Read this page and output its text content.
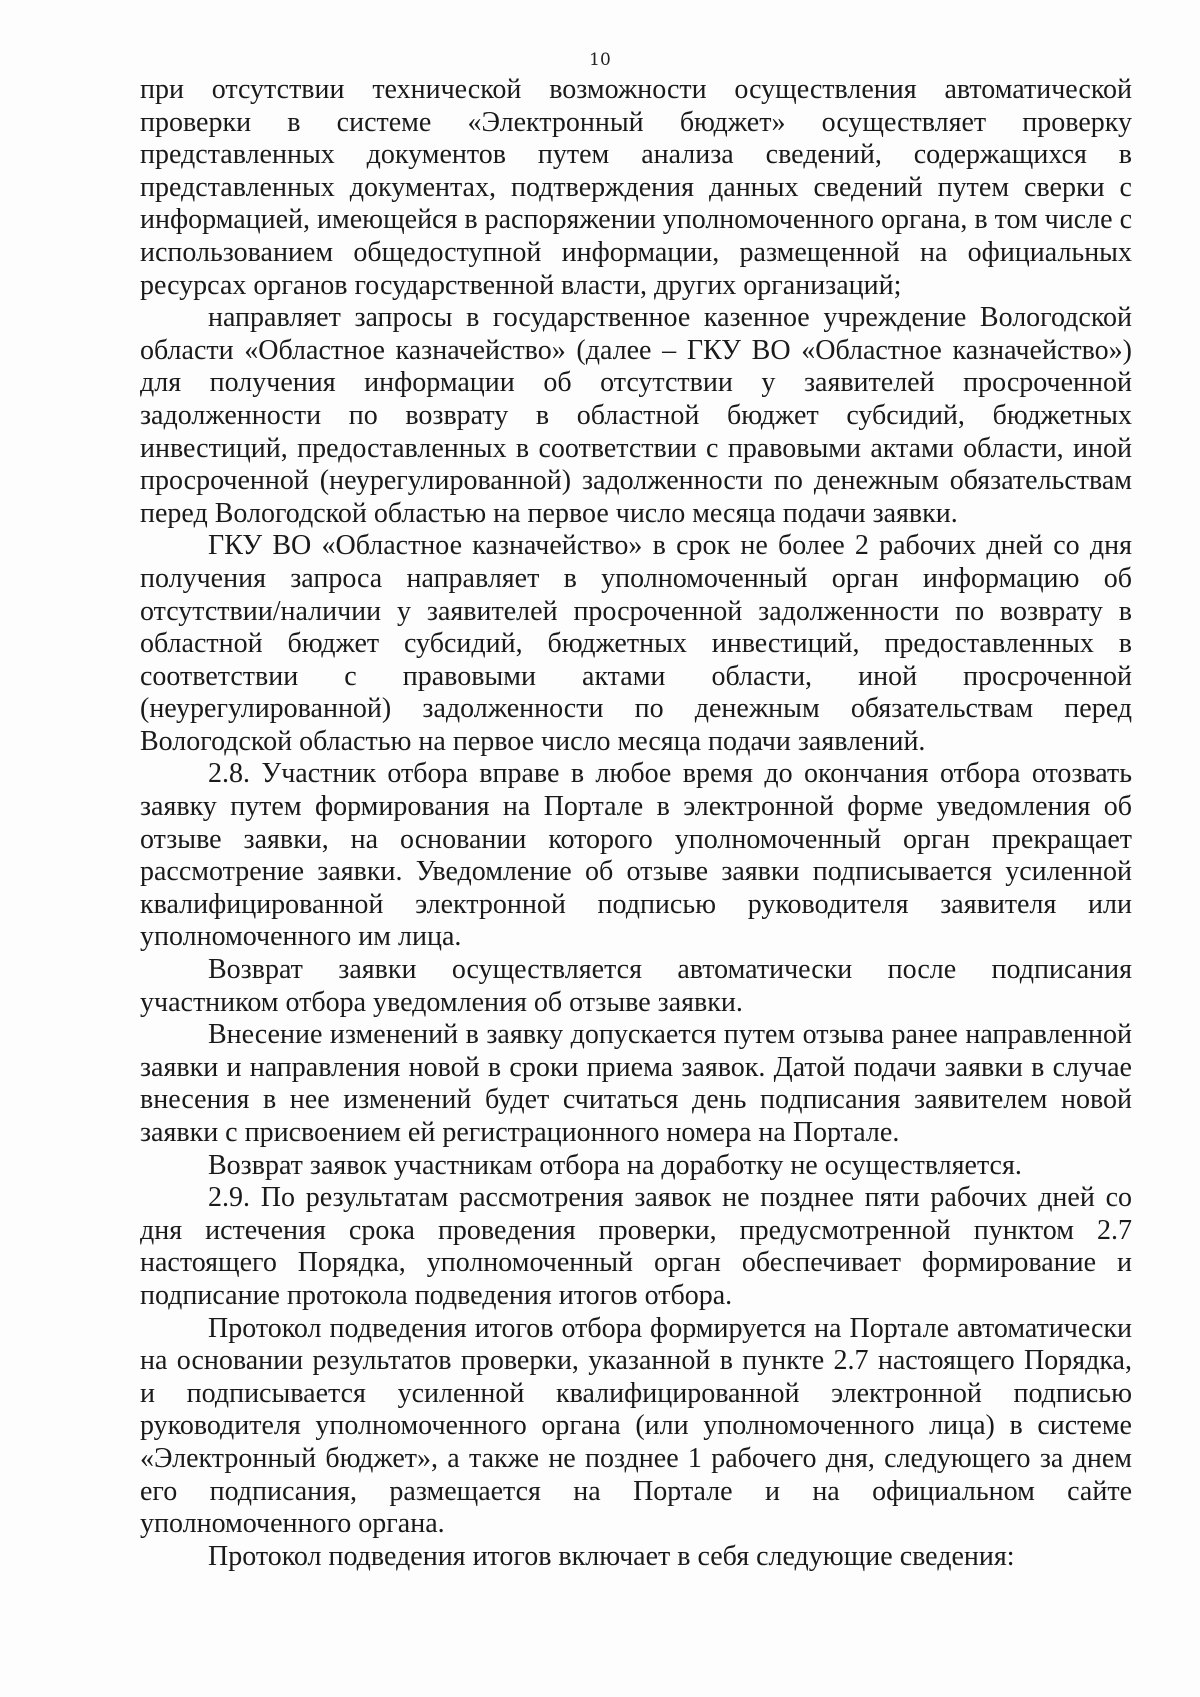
10

при отсутствии технической возможности осуществления автоматической проверки в системе «Электронный бюджет» осуществляет проверку представленных документов путем анализа сведений, содержащихся в представленных документах, подтверждения данных сведений путем сверки с информацией, имеющейся в распоряжении уполномоченного органа, в том числе с использованием общедоступной информации, размещенной на официальных ресурсах органов государственной власти, других организаций;

направляет запросы в государственное казенное учреждение Вологодской области «Областное казначейство» (далее – ГКУ ВО «Областное казначейство») для получения информации об отсутствии у заявителей просроченной задолженности по возврату в областной бюджет субсидий, бюджетных инвестиций, предоставленных в соответствии с правовыми актами области, иной просроченной (неурегулированной) задолженности по денежным обязательствам перед Вологодской областью на первое число месяца подачи заявки.

ГКУ ВО «Областное казначейство» в срок не более 2 рабочих дней со дня получения запроса направляет в уполномоченный орган информацию об отсутствии/наличии у заявителей просроченной задолженности по возврату в областной бюджет субсидий, бюджетных инвестиций, предоставленных в соответствии с правовыми актами области, иной просроченной (неурегулированной) задолженности по денежным обязательствам перед Вологодской областью на первое число месяца подачи заявлений.

2.8. Участник отбора вправе в любое время до окончания отбора отозвать заявку путем формирования на Портале в электронной форме уведомления об отзыве заявки, на основании которого уполномоченный орган прекращает рассмотрение заявки. Уведомление об отзыве заявки подписывается усиленной квалифицированной электронной подписью руководителя заявителя или уполномоченного им лица.

Возврат заявки осуществляется автоматически после подписания участником отбора уведомления об отзыве заявки.

Внесение изменений в заявку допускается путем отзыва ранее направленной заявки и направления новой в сроки приема заявок. Датой подачи заявки в случае внесения в нее изменений будет считаться день подписания заявителем новой заявки с присвоением ей регистрационного номера на Портале.

Возврат заявок участникам отбора на доработку не осуществляется.

2.9. По результатам рассмотрения заявок не позднее пяти рабочих дней со дня истечения срока проведения проверки, предусмотренной пунктом 2.7 настоящего Порядка, уполномоченный орган обеспечивает формирование и подписание протокола подведения итогов отбора.

Протокол подведения итогов отбора формируется на Портале автоматически на основании результатов проверки, указанной в пункте 2.7 настоящего Порядка, и подписывается усиленной квалифицированной электронной подписью руководителя уполномоченного органа (или уполномоченного лица) в системе «Электронный бюджет», а также не позднее 1 рабочего дня, следующего за днем его подписания, размещается на Портале и на официальном сайте уполномоченного органа.

Протокол подведения итогов включает в себя следующие сведения:
